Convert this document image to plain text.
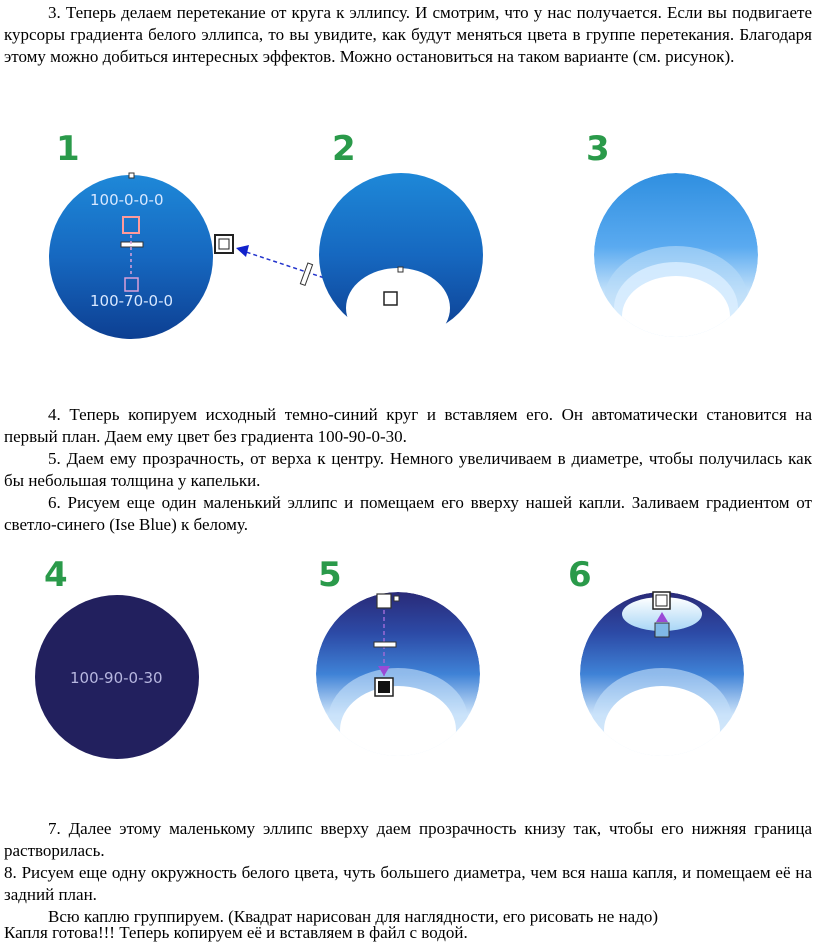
3. Теперь делаем перетекание от круга к эллипсу. И смотрим, что у нас получается. Если вы подвигаете курсоры градиента белого эллипса, то вы увидите, как будут меняться цвета в группе перетекания. Благодаря этому можно добиться интересных эффектов. Можно остановиться на таком варианте (см. рисунок).

1	2	3
100-0-0-0
100-70-0-0

4. Теперь копируем исходный темно-синий круг и вставляем его. Он автоматически становится на первый план. Даем ему цвет без градиента 100-90-0-30.

5. Даем ему прозрачность, от верха к центру. Немного увеличиваем в диаметре, чтобы получилась как бы небольшая толщина у капельки.

6. Рисуем еще один маленький эллипс и помещаем его вверху нашей капли. Заливаем градиентом от светло-синего (Ise Blue) к белому.

4	5	6
100-90-0-30

7. Далее этому маленькому эллипс вверху даем прозрачность книзу так, чтобы его нижняя граница растворилась.

8. Рисуем еще одну окружность белого цвета, чуть большего диаметра, чем вся наша капля, и помещаем её на задний план.

Всю каплю группируем. (Квадрат нарисован для наглядности, его рисовать не надо)

Капля готова!!! Теперь копируем её и вставляем в файл с водой.
